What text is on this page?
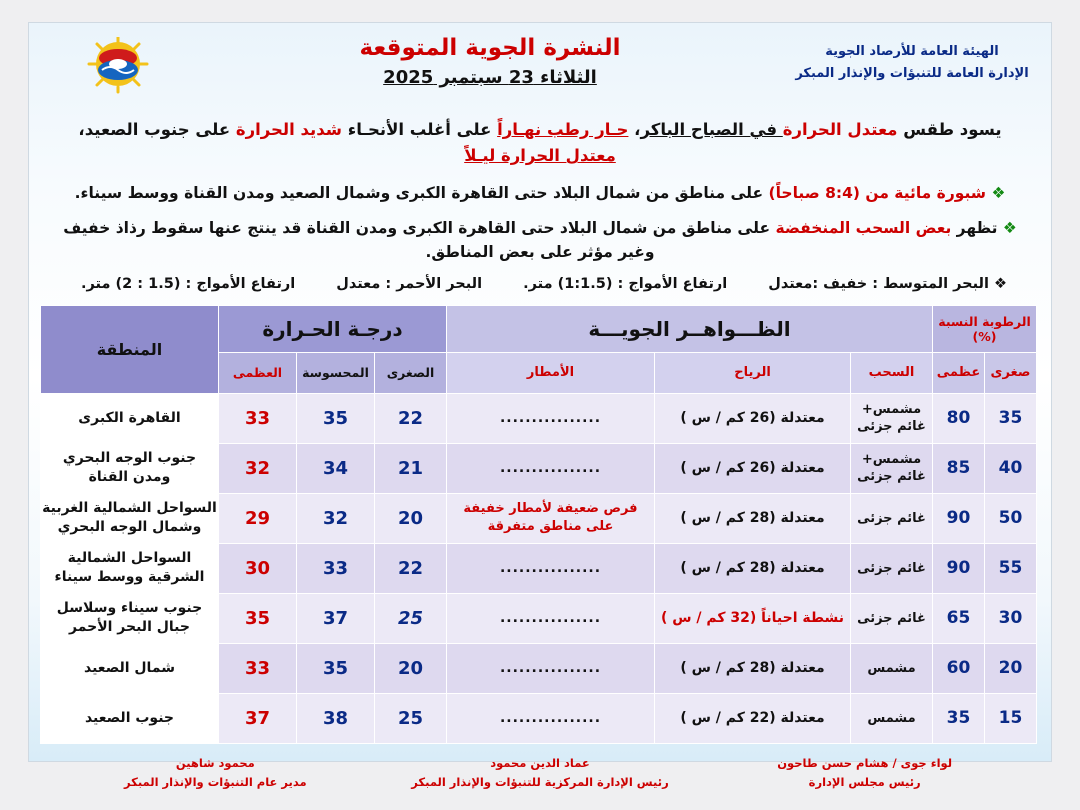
الهيئة العامة للأرصاد الجوية
الإدارة العامة للتنبؤات والإنذار المبكر
النشرة الجوية المتوقعة
الثلاثاء 23 سبتمبر 2025
يسود طقس معتدل الحرارة في الصباح الباكر، حـار رطب نهـاراً على أغلب الأنحـاء شديد الحرارة على جنوب الصعيد، معتدل الحرارة ليـلاً
❖ شبورة مائية من (8:4 صباحاً) على مناطق من شمال البلاد حتى القاهرة الكبرى وشمال الصعيد ومدن القناة ووسط سيناء.
❖ تظهر بعض السحب المنخفضة على مناطق من شمال البلاد حتى القاهرة الكبرى ومدن القناة قد ينتج عنها سقوط رذاذ خفيف وغير مؤثر على بعض المناطق.
❖ البحر المتوسط : خفيف :معتدل
ارتفاع الأمواج : (1:1.5) متر.
البحر الأحمر : معتدل
ارتفاع الأمواج : (1.5 : 2) متر.
الرطوبة النسبة (%)		الظـــواهــر الجويـــة			درجـة الحـرارة			المنطقة
صغرى	عظمى	السحب	الرياح	الأمطار	الصغرى	المحسوسة	العظمى	
35	80	مشمس+ غائم جزئى	معتدلة (26 كم / س )	................	22	35	33	القاهرة الكبرى
40	85	مشمس+ غائم جزئى	معتدلة (26 كم / س )	................	21	34	32	جنوب الوجه البحري ومدن القناة
50	90	غائم جزئى	معتدلة (28 كم / س )	فرص ضعيفة لأمطار خفيفة على مناطق متفرقة	20	32	29	السواحل الشمالية الغربية وشمال الوجه البحري
55	90	غائم جزئى	معتدلة (28 كم / س )	................	22	33	30	السواحل الشمالية الشرقية ووسط سيناء
30	65	غائم جزئى	نشطة احياناً (32 كم / س )	................	25	37	35	جنوب سيناء وسلاسل جبال البحر الأحمر
20	60	مشمس	معتدلة (28 كم / س )	................	20	35	33	شمال الصعيد
15	35	مشمس	معتدلة (22 كم / س )	................	25	38	37	جنوب الصعيد
لواء جوى / هشام حسن طاحون
رئيس مجلس الإدارة
عماد الدين محمود
رئيس الإدارة المركزية للتنبؤات والإنذار المبكر
محمود شاهين
مدير عام التنبؤات والإنذار المبكر
